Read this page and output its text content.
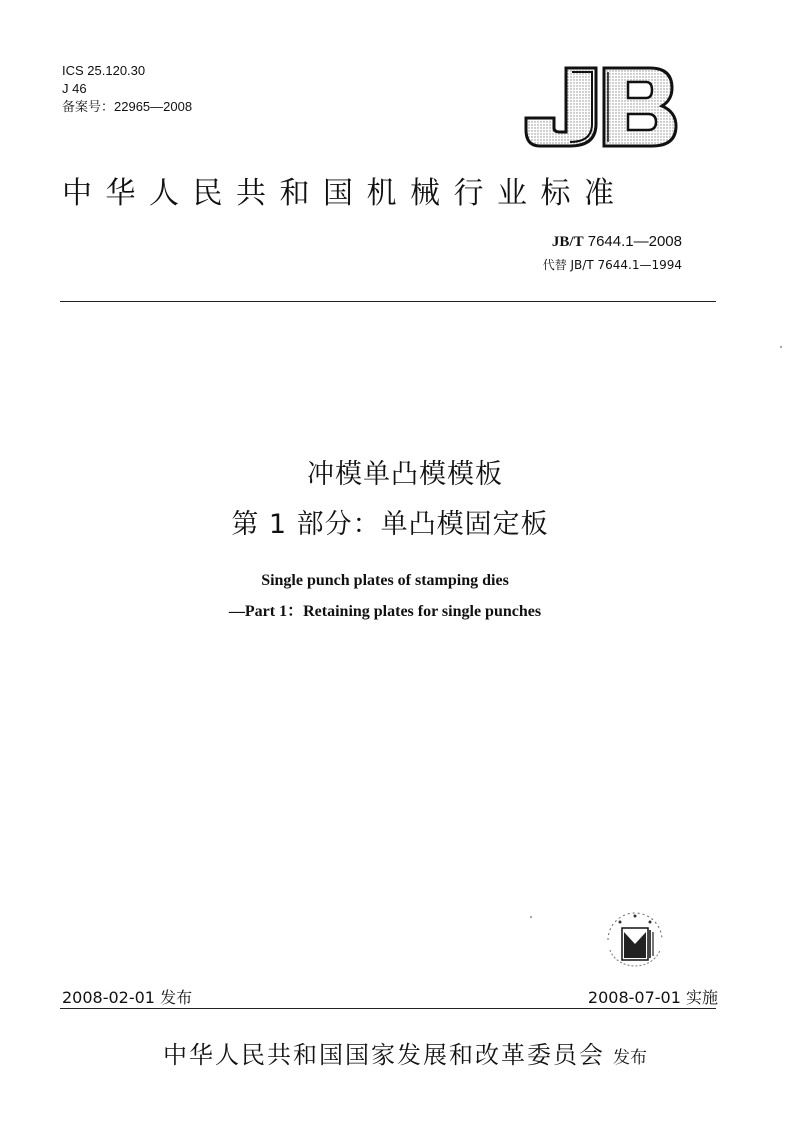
ICS 25.120.30
J 46
备案号：22965—2008
中华人民共和国机械行业标准
JB/T 7644.1—2008
代替 JB/T 7644.1—1994
冲模单凸模模板
第 1 部分：单凸模固定板
Single punch plates of stamping dies
—Part 1：Retaining plates for single punches
2008-02-01 发布	2008-07-01 实施
中华人民共和国国家发展和改革委员会 发布
